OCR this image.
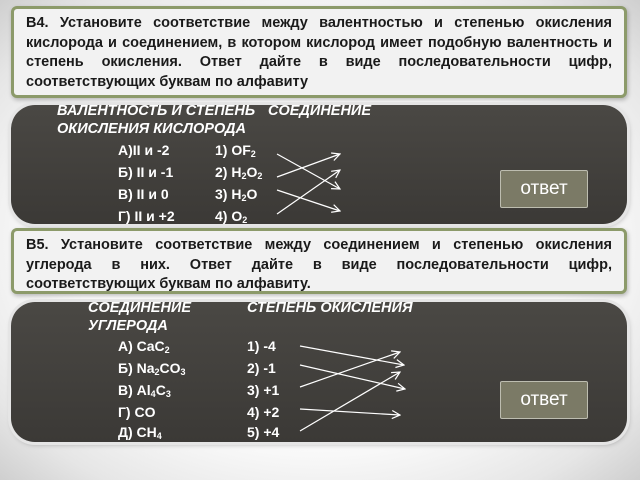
В4. Установите соответствие между валентностью и степенью окисления кислорода и соединением, в котором кислород имеет подобную валентность и степень окисления. Ответ дайте в виде последовательности цифр, соответствующих буквам по алфавиту
ВАЛЕНТНОСТЬ И СТЕПЕНЬ
ОКИСЛЕНИЯ КИСЛОРОДА
СОЕДИНЕНИЕ
А)II и -2
Б) II и -1
В) II и 0
Г) II и +2
1) $OF_2$
2) $H_2O_2$
3) $H_2O$
4) $O_2$
ответ
В5. Установите соответствие между соединением и степенью окисления углерода в них. Ответ дайте в виде последовательности цифр, соответствующих буквам по алфавиту.
СОЕДИНЕНИЕ
УГЛЕРОДА
СТЕПЕНЬ ОКИСЛЕНИЯ
А) CaC$_2$
Б) $Na_2CO_3$
В) $Al_4C_3$
Г) CO
Д) $CH_4$
1) -4
2) -1
3) +1
4) +2
5) +4
ответ
